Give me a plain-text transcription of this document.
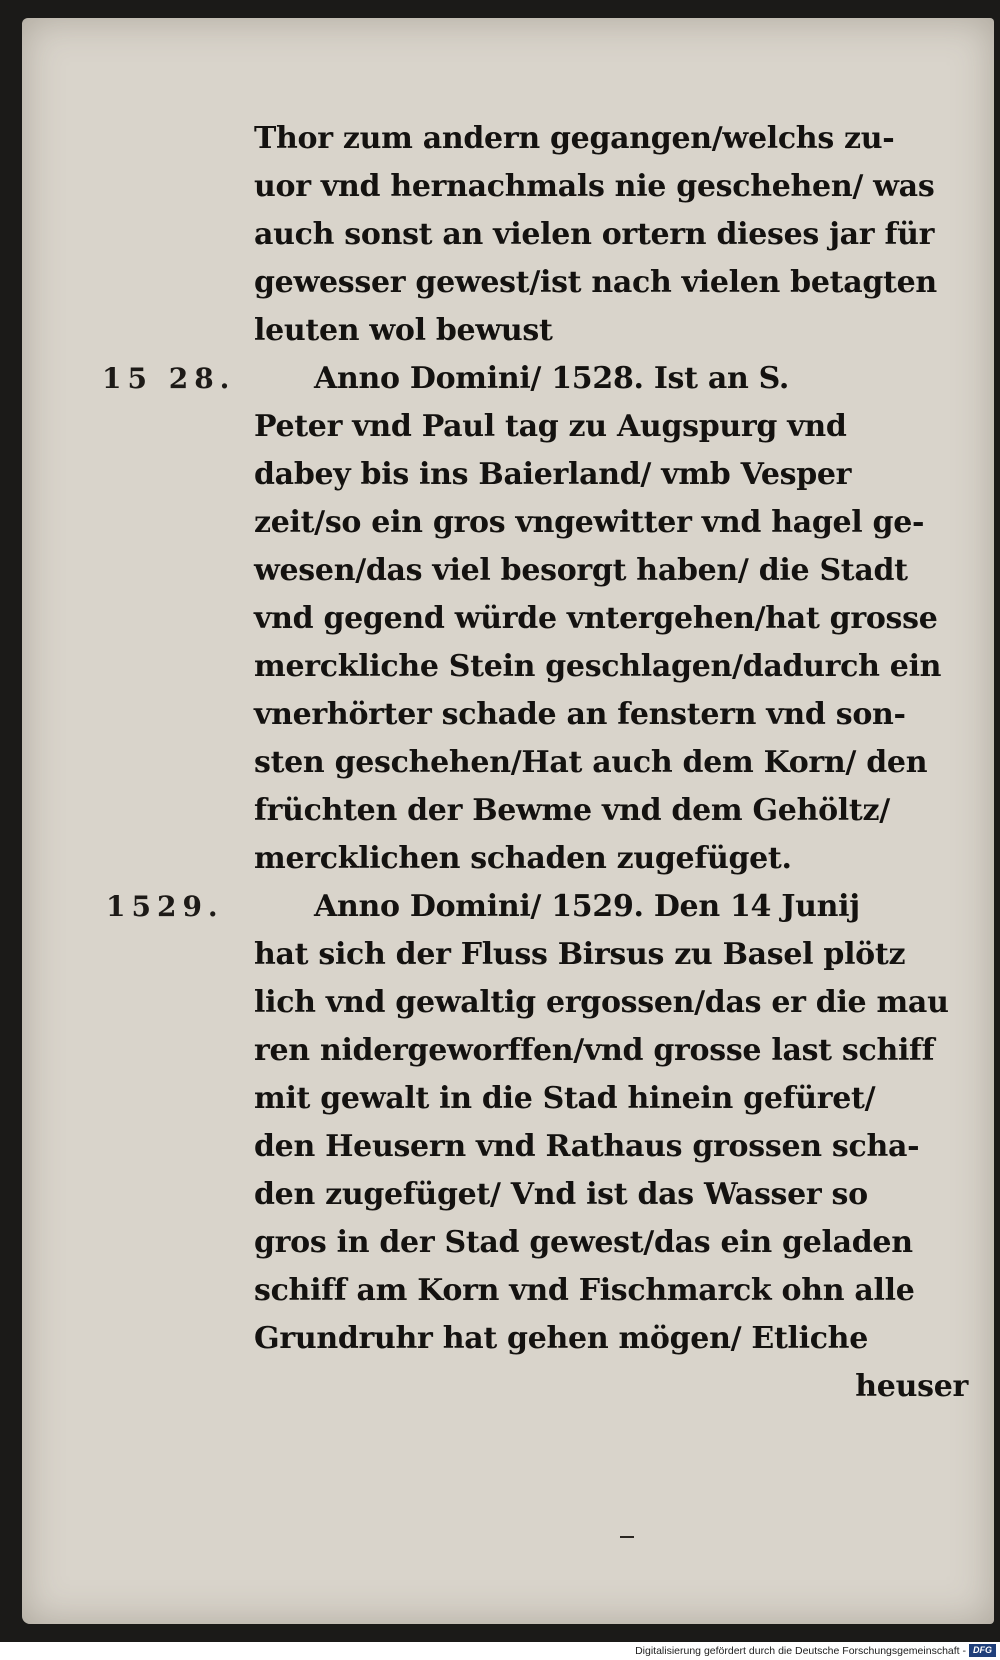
Thor zum andern gegangen/welchs zu‐
uor vnd hernachmals nie geschehen/ was
auch sonst an vielen ortern dieses jar für
gewesser gewest/ist nach vielen betagten
leuten wol bewust
15 28.	Anno Domini/ 1528. Ist an S.
Peter vnd Paul tag zu Augspurg vnd
dabey bis ins Baierland/ vmb Vesper
zeit/so ein gros vngewitter vnd hagel ge‐
wesen/das viel besorgt haben/ die Stadt
vnd gegend würde vntergehen/hat grosse
merckliche Stein geschlagen/dadurch ein
vnerhörter schade an fenstern vnd son‐
sten geschehen/Hat auch dem Korn/ den
früchten der Bewme vnd dem Gehöltz/
mercklichen schaden zugefüget.
1529.	Anno Domini/ 1529. Den 14 Junij
hat sich der Fluss Birsus zu Basel plötz
lich vnd gewaltig ergossen/das er die mau
ren nidergeworffen/vnd grosse last schiff
mit gewalt in die Stad hinein gefüret/
den Heusern vnd Rathaus grossen scha‐
den zugefüget/ Vnd ist das Wasser so
gros in der Stad gewest/das ein geladen
schiff am Korn vnd Fischmarck ohn alle
Grundruhr hat gehen mögen/ Etliche
heuser
Digitalisierung gefördert durch die Deutsche Forschungsgemeinschaft - DFG
